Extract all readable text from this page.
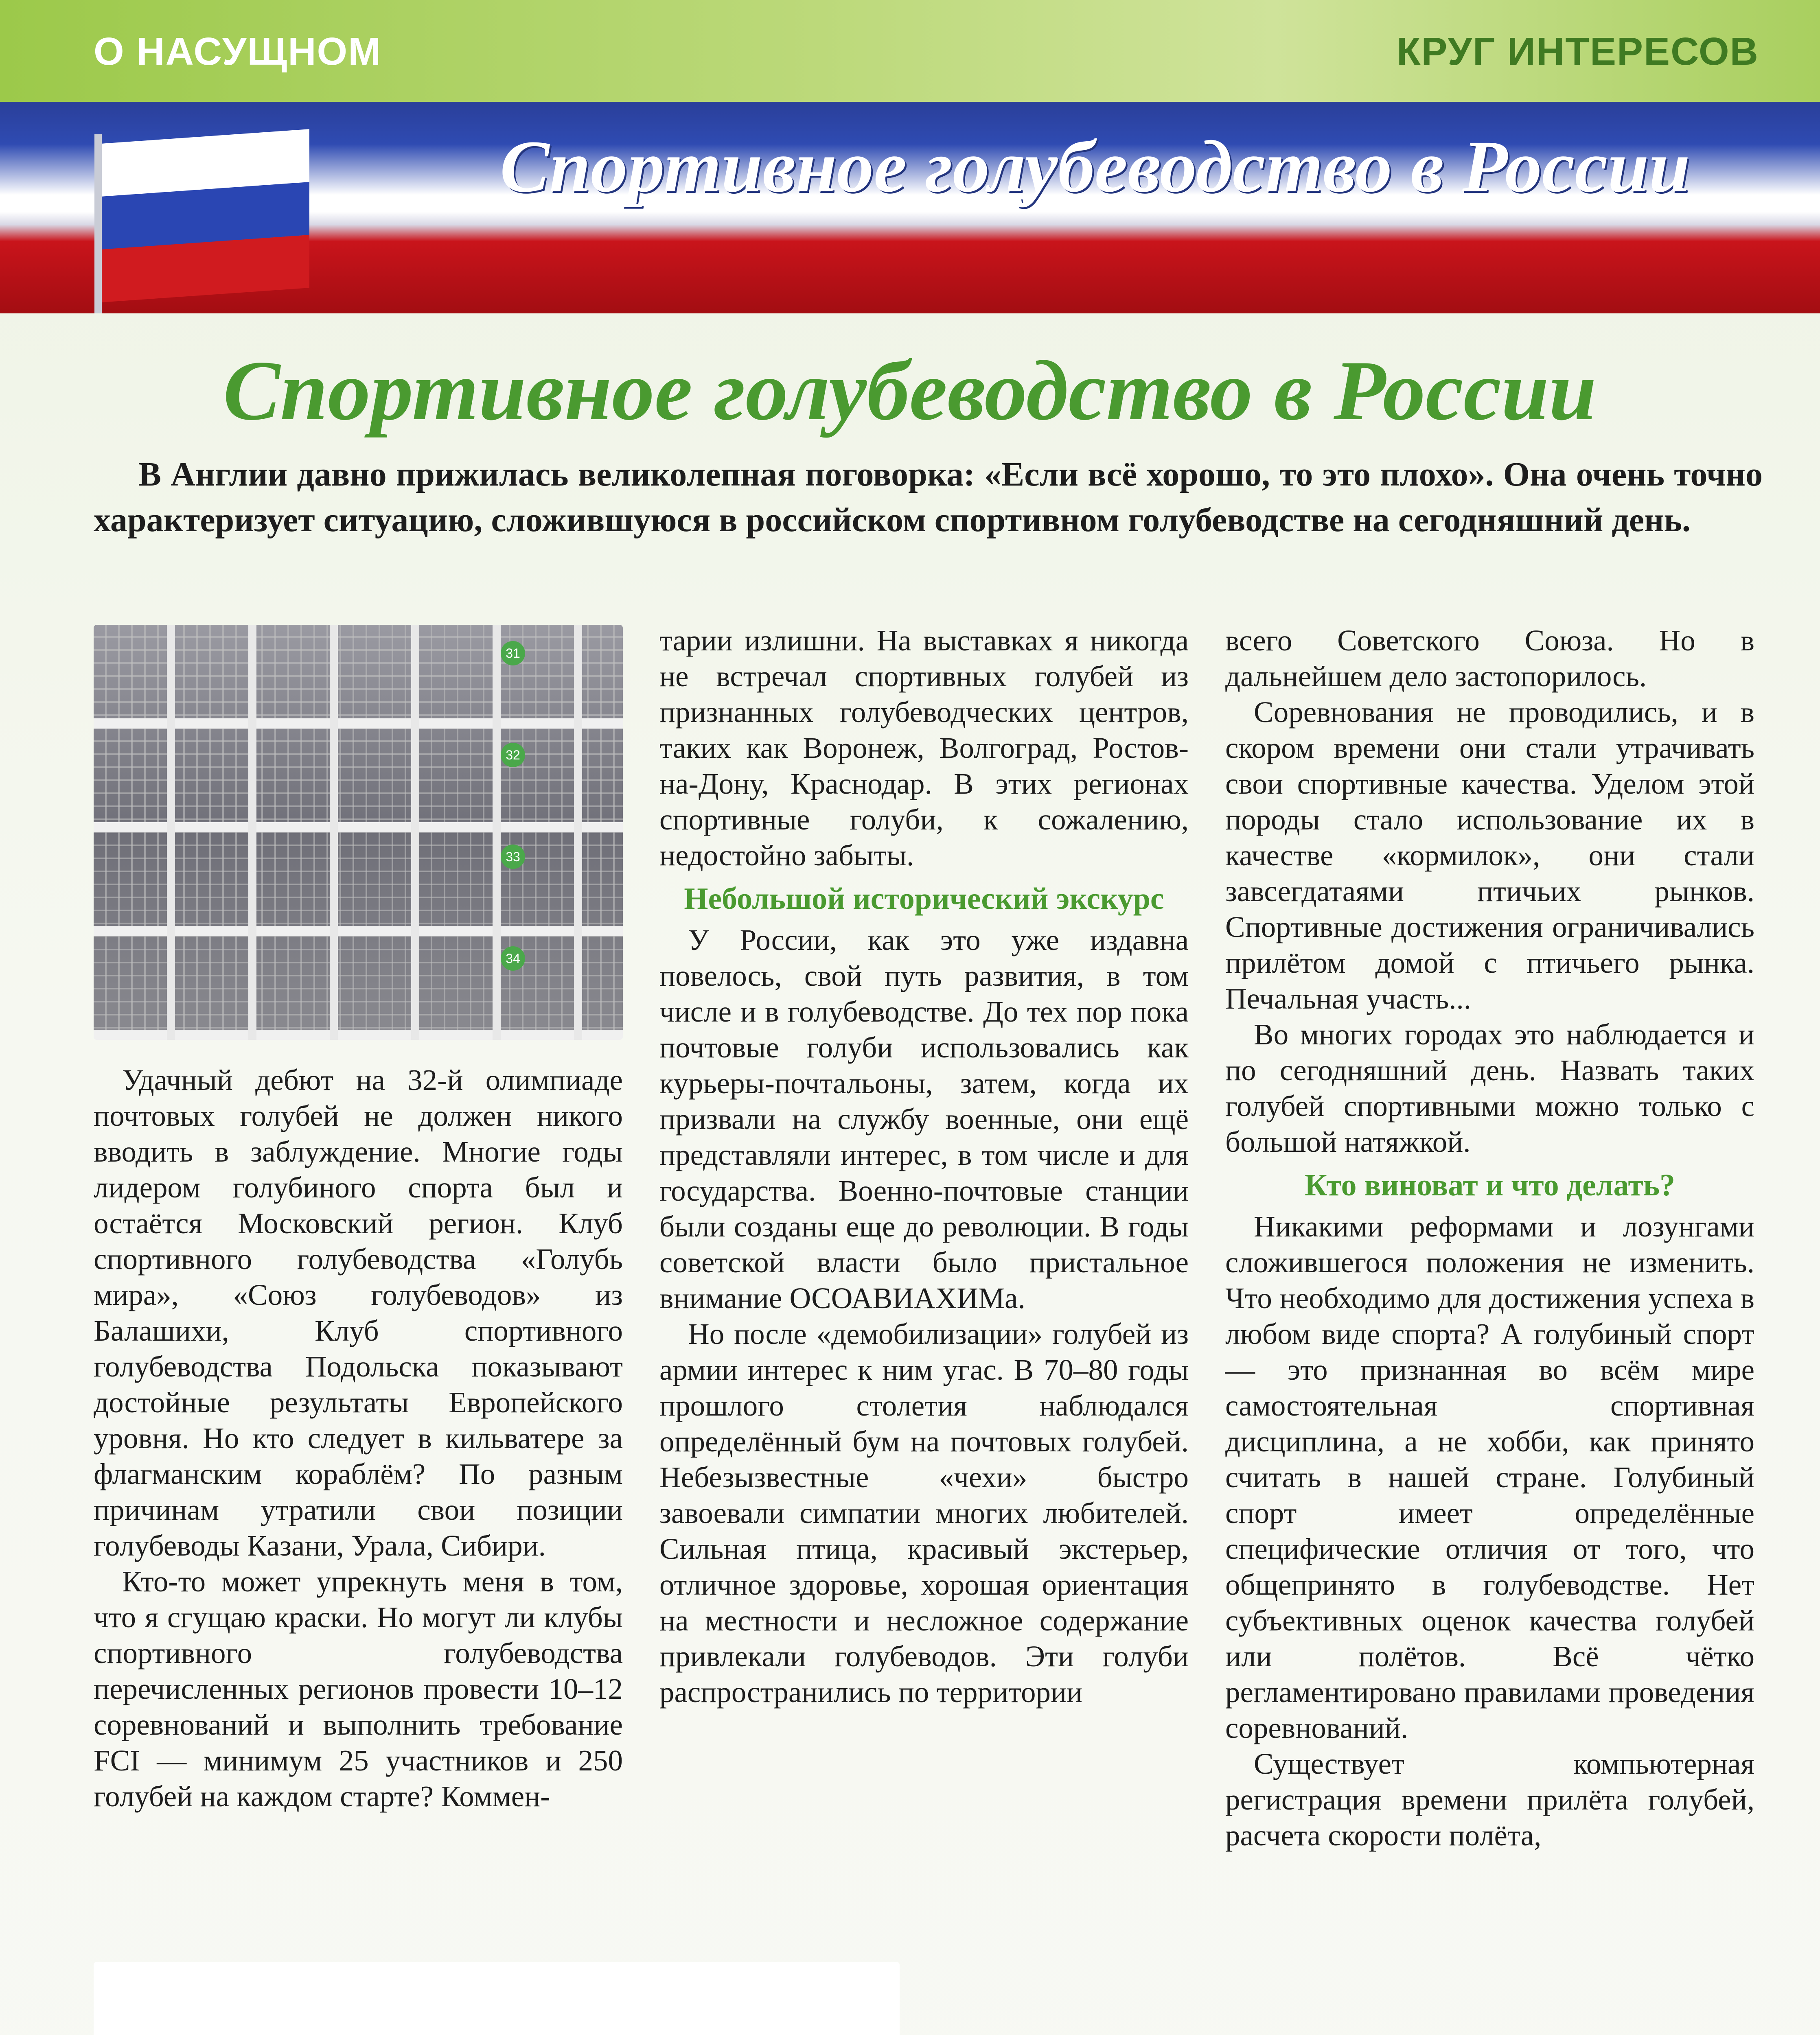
О НАСУЩНОМ	КРУГ ИНТЕРЕСОВ
Спортивное голубеводство в России
Спортивное голубеводство в России
В Англии давно прижилась великолепная поговорка: «Если всё хорошо, то это плохо». Она очень точно характеризует ситуацию, сложившуюся в российском спортивном голубеводстве на сегодняшний день.
31
32
33
34

Удачный дебют на 32-й олимпиаде почтовых голубей не должен никого вводить в заблуждение. Многие годы лидером голубиного спорта был и остаётся Московский регион. Клуб спортивного голубеводства «Голубь мира», «Союз голубеводов» из Балашихи, Клуб спортивного голубеводства Подольска показывают достойные результаты Европейского уровня. Но кто следует в кильватере за флагманским кораблём? По разным причинам утратили свои позиции голубеводы Казани, Урала, Сибири.

Кто-то может упрекнуть меня в том, что я сгущаю краски. Но могут ли клубы спортивного голубеводства перечисленных регионов провести 10–12 соревнований и выполнить требование FCI — минимум 25 участников и 250 голубей на каждом старте? Коммен-

тарии излишни. На выставках я никогда не встречал спортивных голубей из признанных голубеводческих центров, таких как Воронеж, Волгоград, Ростов-на-Дону, Краснодар. В этих регионах спортивные голуби, к сожалению, недостойно забыты.

Небольшой исторический экскурс

У России, как это уже издавна повелось, свой путь развития, в том числе и в голубеводстве. До тех пор пока почтовые голуби использовались как курьеры-почтальоны, затем, когда их призвали на службу военные, они ещё представляли интерес, в том числе и для государства. Военно-почтовые станции были созданы еще до революции. В годы советской власти было пристальное внимание ОСОАВИАХИМа.

Но после «демобилизации» голубей из армии интерес к ним угас. В 70–80 годы прошлого столетия наблюдался определённый бум на почтовых голубей. Небезызвестные «чехи» быстро завоевали симпатии многих любителей. Сильная птица, красивый экстерьер, отличное здоровье, хорошая ориентация на местности и несложное содержание привлекали голубеводов. Эти голуби распространились по территории

всего Советского Союза. Но в дальнейшем дело застопорилось.

Соревнования не проводились, и в скором времени они стали утрачивать свои спортивные качества. Уделом этой породы стало использование их в качестве «кормилок», они стали завсегдатаями птичьих рынков. Спортивные достижения ограничивались прилётом домой с птичьего рынка. Печальная участь...

Во многих городах это наблюдается и по сегодняшний день. Назвать таких голубей спортивными можно только с большой натяжкой.

Кто виноват и что делать?

Никакими реформами и лозунгами сложившегося положения не изменить. Что необходимо для достижения успеха в любом виде спорта? А голубиный спорт — это признанная во всём мире самостоятельная спортивная дисциплина, а не хобби, как принято считать в нашей стране. Голубиный спорт имеет определённые специфические отличия от того, что общепринято в голубеводстве. Нет субъективных оценок качества голубей или полётов. Всё чётко регламентировано правилами проведения соревнований.

Существует компьютерная регистрация времени прилёта голубей, расчета скорости полёта,
